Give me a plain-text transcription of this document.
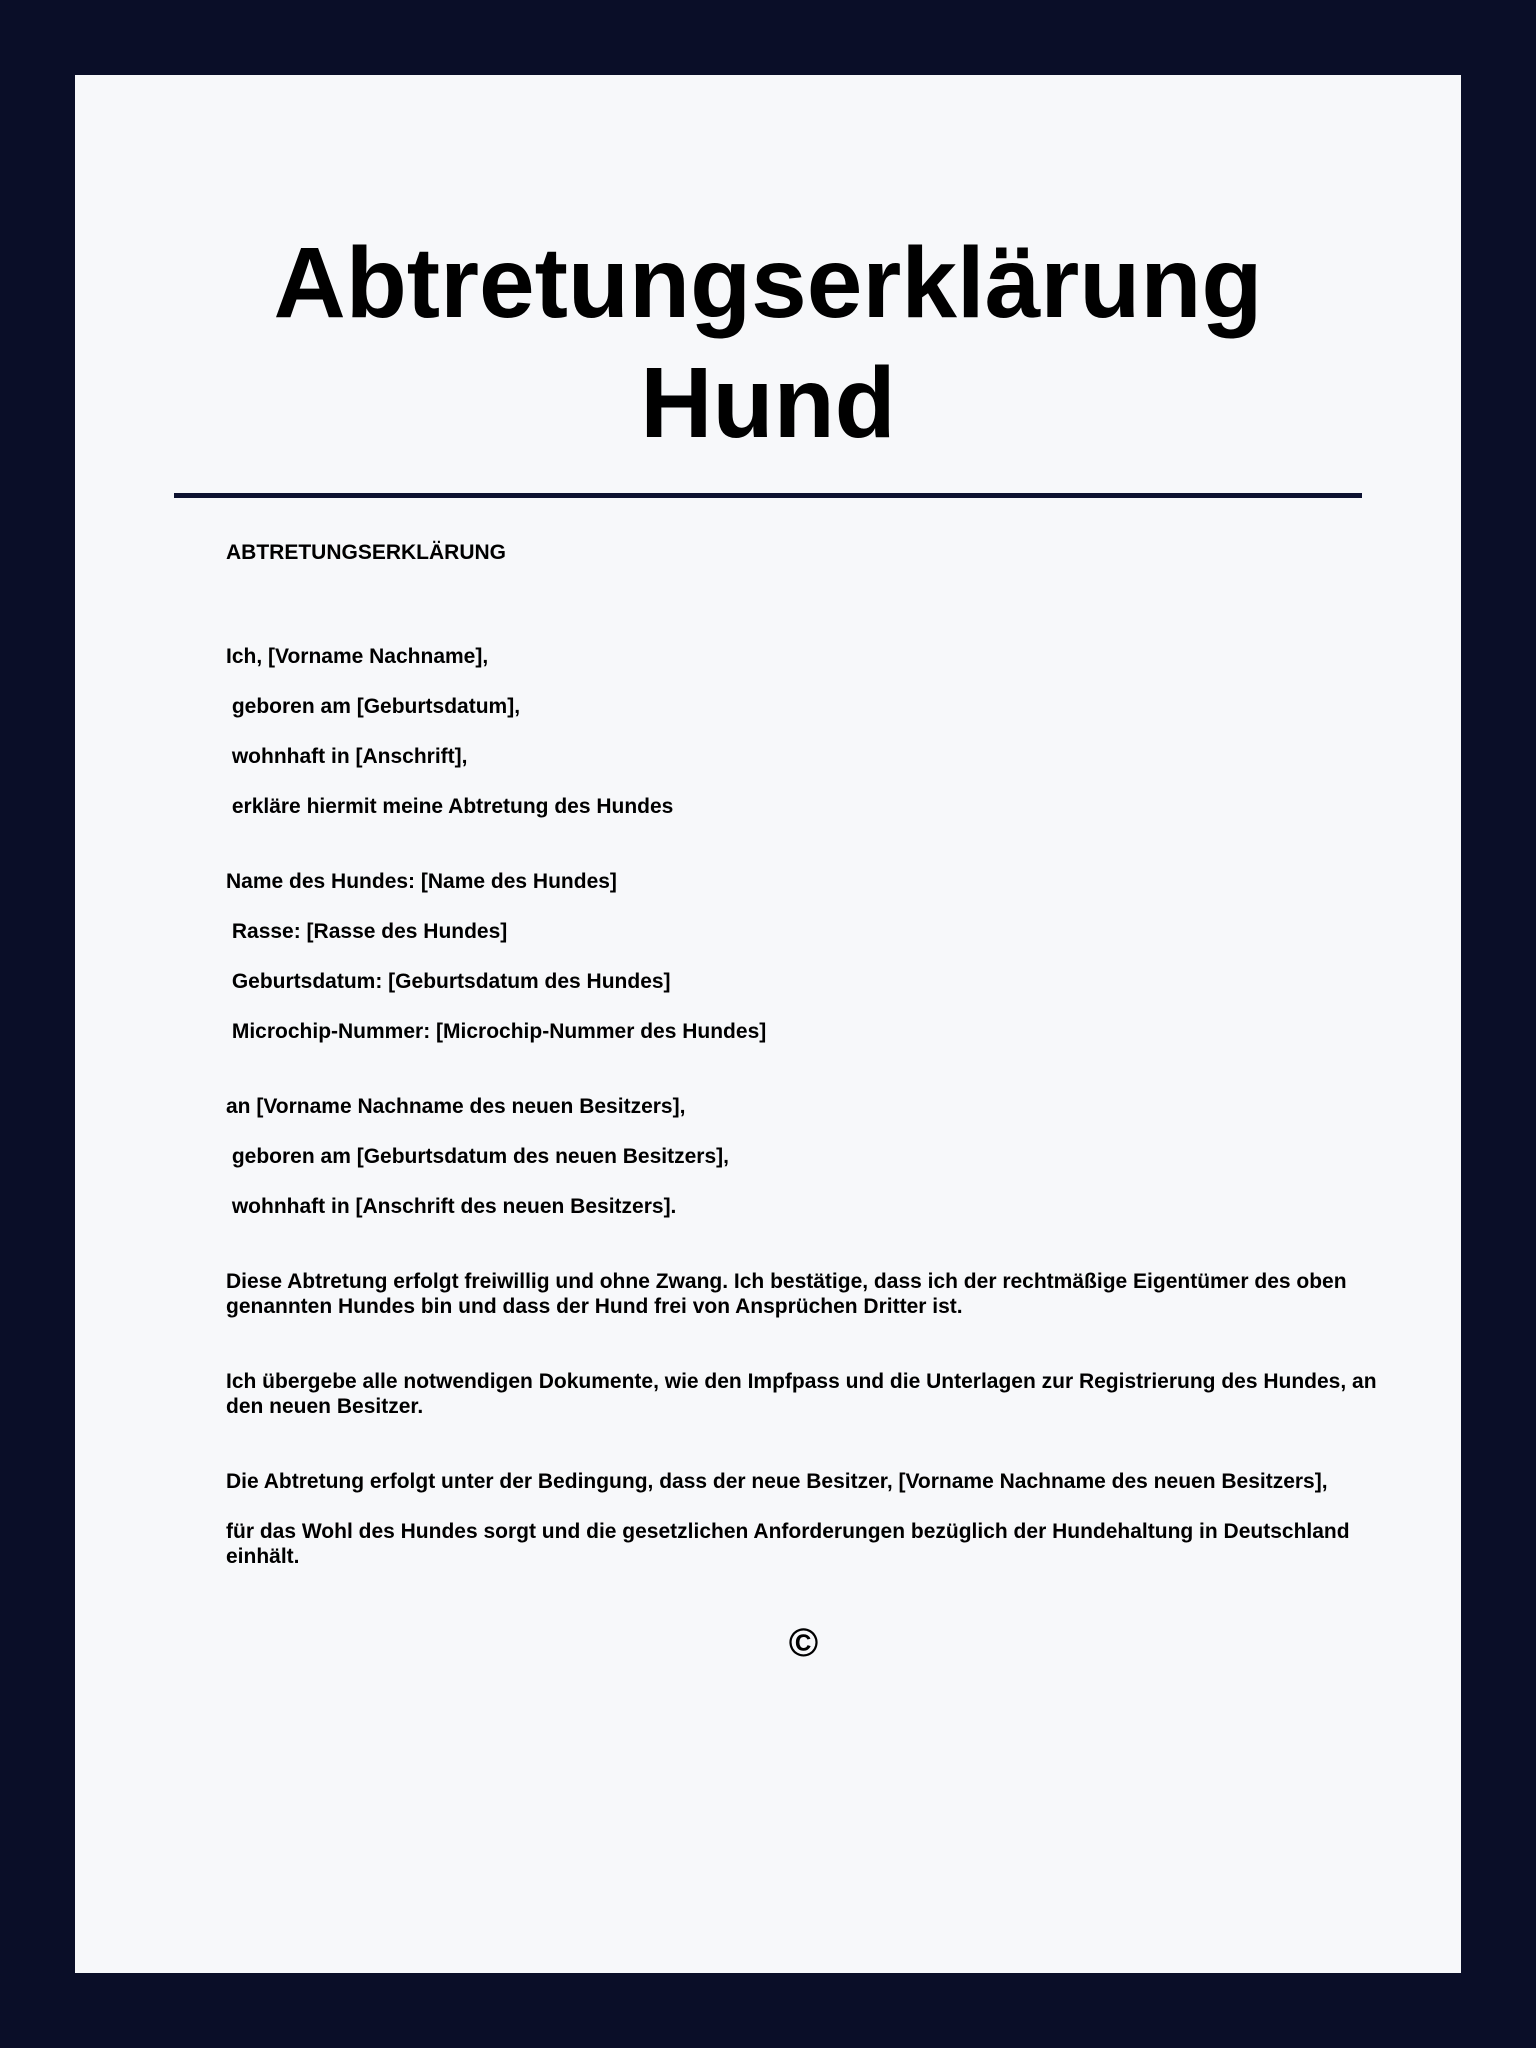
Abtretungserklärung
Hund
ABTRETUNGSERKLÄRUNG

Ich, [Vorname Nachname],

geboren am [Geburtsdatum],

wohnhaft in [Anschrift],

erkläre hiermit meine Abtretung des Hundes

Name des Hundes: [Name des Hundes]

Rasse: [Rasse des Hundes]

Geburtsdatum: [Geburtsdatum des Hundes]

Microchip-Nummer: [Microchip-Nummer des Hundes]

an [Vorname Nachname des neuen Besitzers],

geboren am [Geburtsdatum des neuen Besitzers],

wohnhaft in [Anschrift des neuen Besitzers].

Diese Abtretung erfolgt freiwillig und ohne Zwang. Ich bestätige, dass ich der rechtmäßige Eigentümer des oben genannten Hundes bin und dass der Hund frei von Ansprüchen Dritter ist.

Ich übergebe alle notwendigen Dokumente, wie den Impfpass und die Unterlagen zur Registrierung des Hundes, an den neuen Besitzer.

Die Abtretung erfolgt unter der Bedingung, dass der neue Besitzer, [Vorname Nachname des neuen Besitzers],

für das Wohl des Hundes sorgt und die gesetzlichen Anforderungen bezüglich der Hundehaltung in Deutschland einhält.

©
